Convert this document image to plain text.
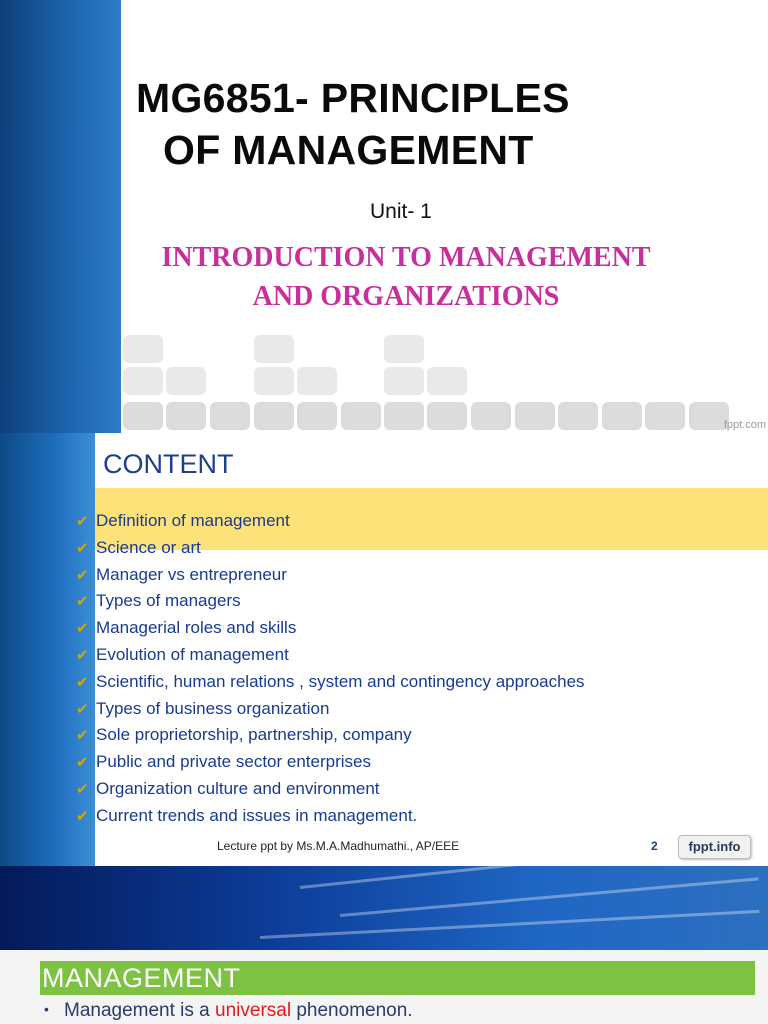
MG6851- PRINCIPLES
OF MANAGEMENT
Unit- 1
INTRODUCTION TO MANAGEMENT
AND ORGANIZATIONS
fppt.com
CONTENT
✔ Definition of management
✔ Science or art
✔ Manager vs entrepreneur
✔ Types of managers
✔ Managerial roles and skills
✔ Evolution of management
✔ Scientific, human relations , system and contingency approaches
✔ Types of business organization
✔ Sole proprietorship, partnership, company
✔ Public and private sector enterprises
✔ Organization culture and environment
✔ Current trends and issues in management.
Lecture ppt by Ms.M.A.Madhumathi., AP/EEE	2	fppt.info
MANAGEMENT
• Management is a universal phenomenon.
